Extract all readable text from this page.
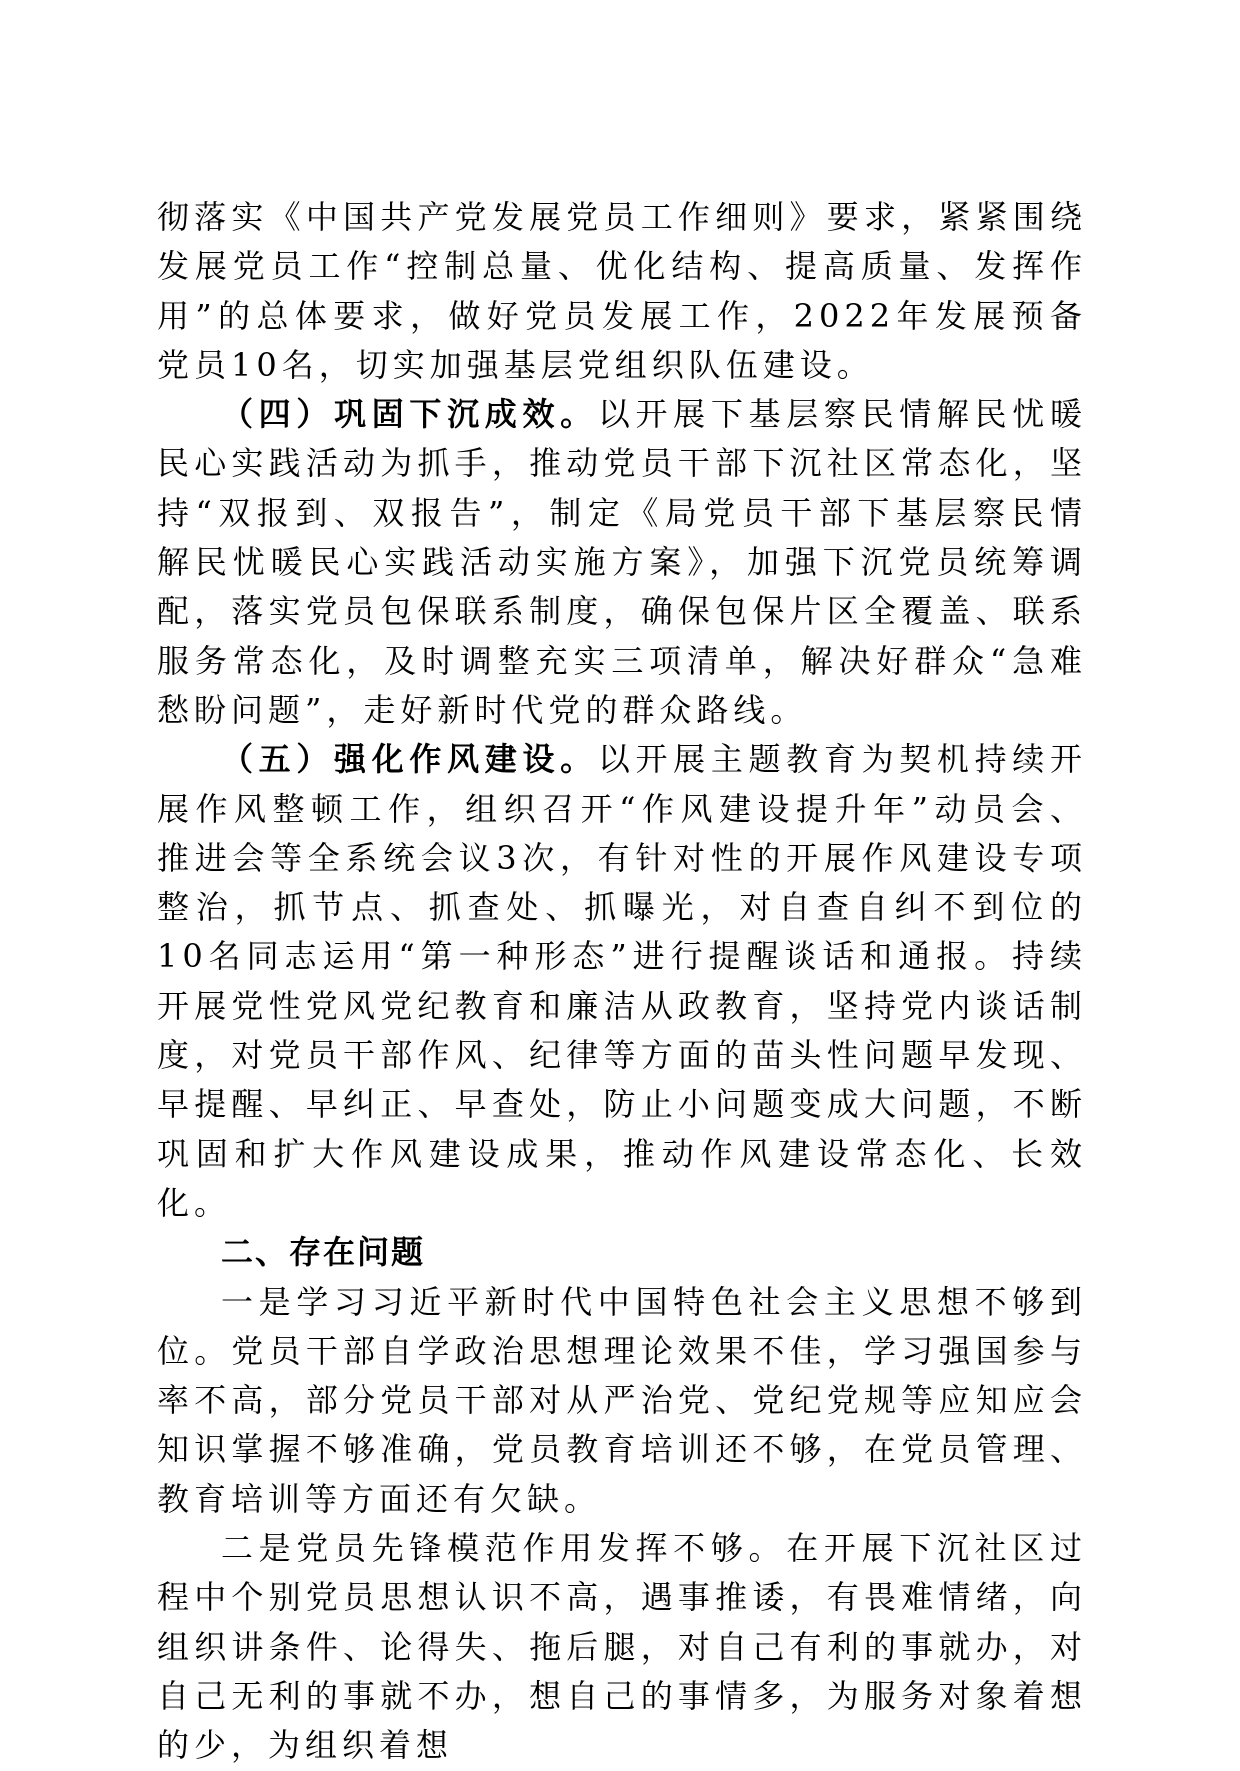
彻落实《中国共产党发展党员工作细则》要求，紧紧围绕发展党员工作“控制总量、优化结构、提高质量、发挥作用”的总体要求，做好党员发展工作，2022年发展预备党员10名，切实加强基层党组织队伍建设。

（四）巩固下沉成效。以开展下基层察民情解民忧暖民心实践活动为抓手，推动党员干部下沉社区常态化，坚持“双报到、双报告”，制定《局党员干部下基层察民情解民忧暖民心实践活动实施方案》，加强下沉党员统筹调配，落实党员包保联系制度，确保包保片区全覆盖、联系服务常态化，及时调整充实三项清单，解决好群众“急难愁盼问题”，走好新时代党的群众路线。

（五）强化作风建设。以开展主题教育为契机持续开展作风整顿工作，组织召开“作风建设提升年”动员会、推进会等全系统会议3次，有针对性的开展作风建设专项整治，抓节点、抓查处、抓曝光，对自查自纠不到位的10名同志运用“第一种形态”进行提醒谈话和通报。持续开展党性党风党纪教育和廉洁从政教育，坚持党内谈话制度，对党员干部作风、纪律等方面的苗头性问题早发现、早提醒、早纠正、早查处，防止小问题变成大问题，不断巩固和扩大作风建设成果，推动作风建设常态化、长效化。

二、存在问题

一是学习习近平新时代中国特色社会主义思想不够到位。党员干部自学政治思想理论效果不佳，学习强国参与率不高，部分党员干部对从严治党、党纪党规等应知应会知识掌握不够准确，党员教育培训还不够，在党员管理、教育培训等方面还有欠缺。

二是党员先锋模范作用发挥不够。在开展下沉社区过程中个别党员思想认识不高，遇事推诿，有畏难情绪，向组织讲条件、论得失、拖后腿，对自己有利的事就办，对自己无利的事就不办，想自己的事情多，为服务对象着想的少，为组织着想
